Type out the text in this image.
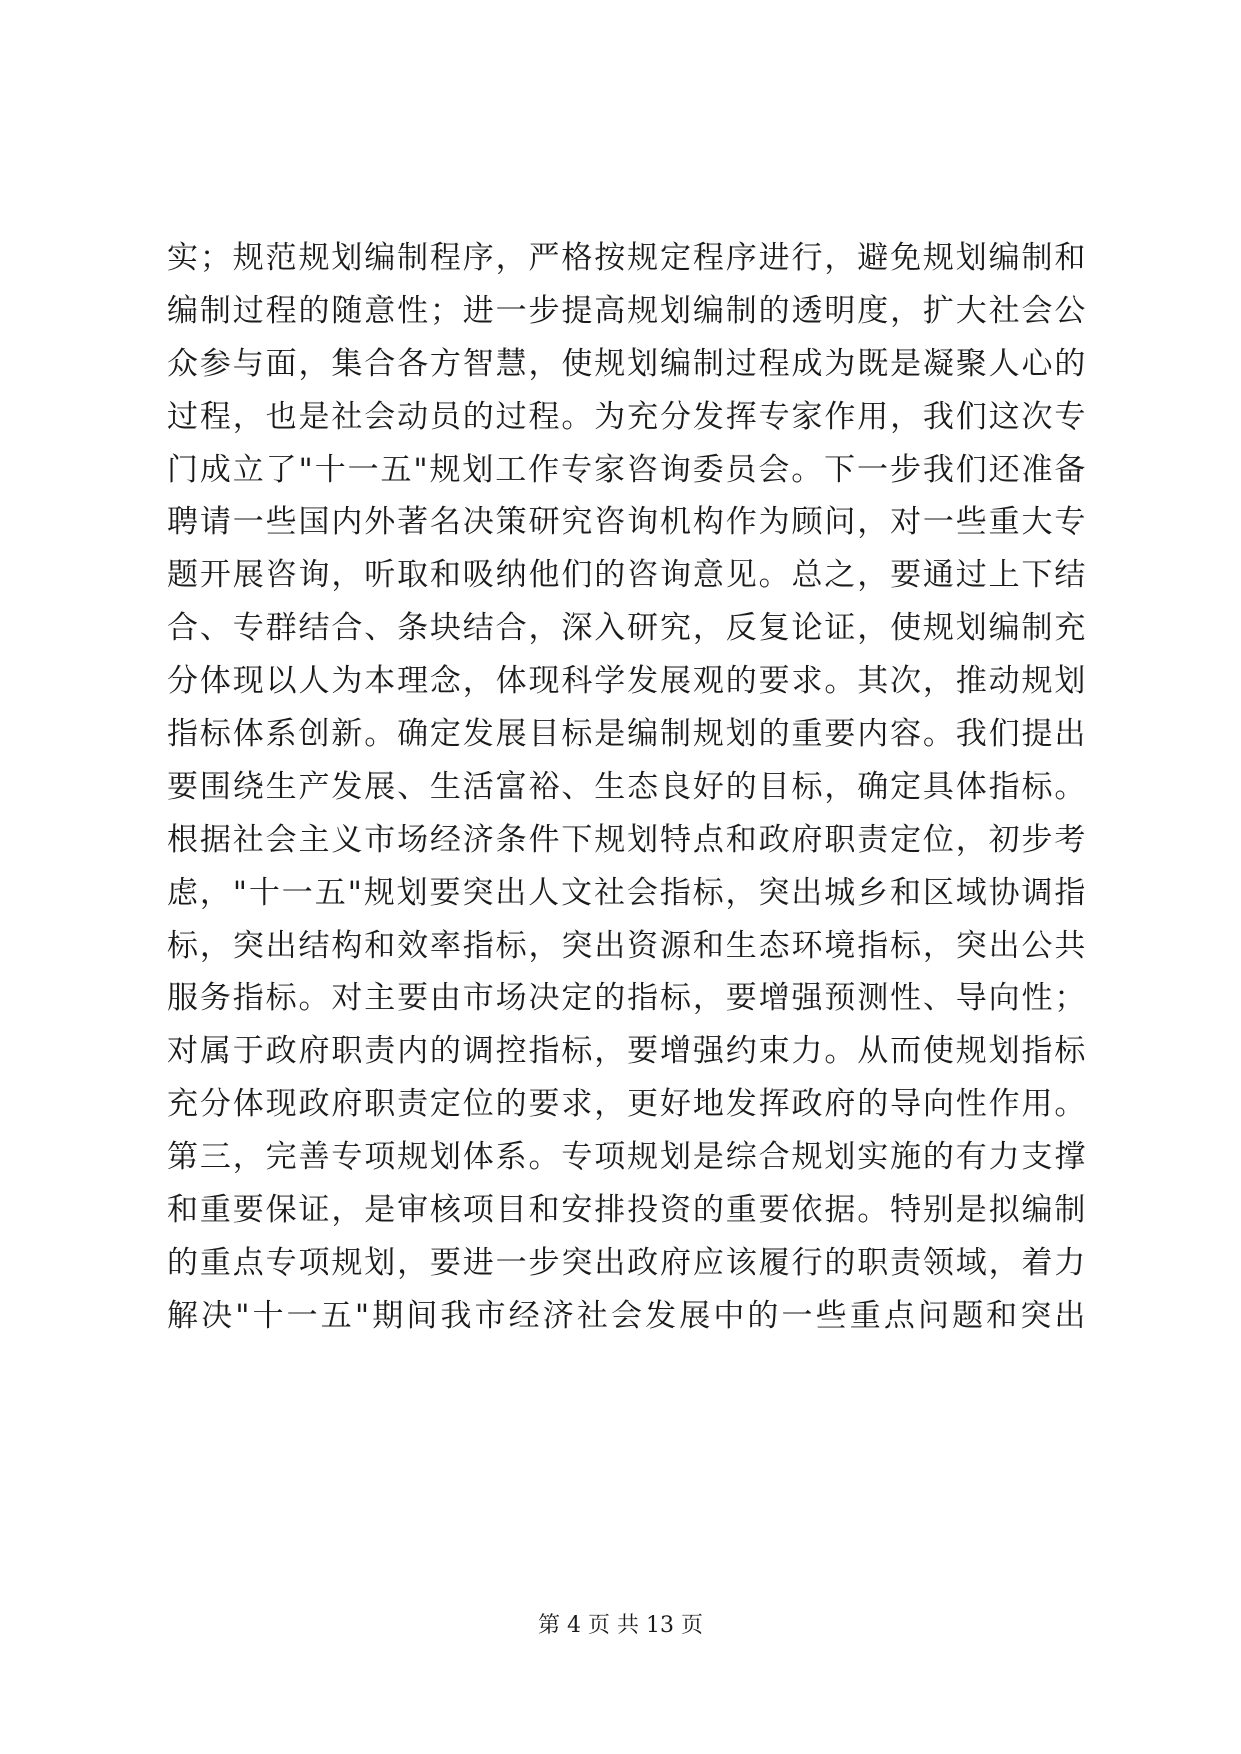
实；规范规划编制程序，严格按规定程序进行，避免规划编制和
编制过程的随意性；进一步提高规划编制的透明度，扩大社会公
众参与面，集合各方智慧，使规划编制过程成为既是凝聚人心的
过程，也是社会动员的过程。为充分发挥专家作用，我们这次专
门成立了"十一五"规划工作专家咨询委员会。下一步我们还准备
聘请一些国内外著名决策研究咨询机构作为顾问，对一些重大专
题开展咨询，听取和吸纳他们的咨询意见。总之，要通过上下结
合、专群结合、条块结合，深入研究，反复论证，使规划编制充
分体现以人为本理念，体现科学发展观的要求。其次，推动规划
指标体系创新。确定发展目标是编制规划的重要内容。我们提出
要围绕生产发展、生活富裕、生态良好的目标，确定具体指标。
根据社会主义市场经济条件下规划特点和政府职责定位，初步考
虑，"十一五"规划要突出人文社会指标，突出城乡和区域协调指
标，突出结构和效率指标，突出资源和生态环境指标，突出公共
服务指标。对主要由市场决定的指标，要增强预测性、导向性；
对属于政府职责内的调控指标，要增强约束力。从而使规划指标
充分体现政府职责定位的要求，更好地发挥政府的导向性作用。
第三，完善专项规划体系。专项规划是综合规划实施的有力支撑
和重要保证，是审核项目和安排投资的重要依据。特别是拟编制
的重点专项规划，要进一步突出政府应该履行的职责领域，着力
解决"十一五"期间我市经济社会发展中的一些重点问题和突出
第 4 页 共 13 页
